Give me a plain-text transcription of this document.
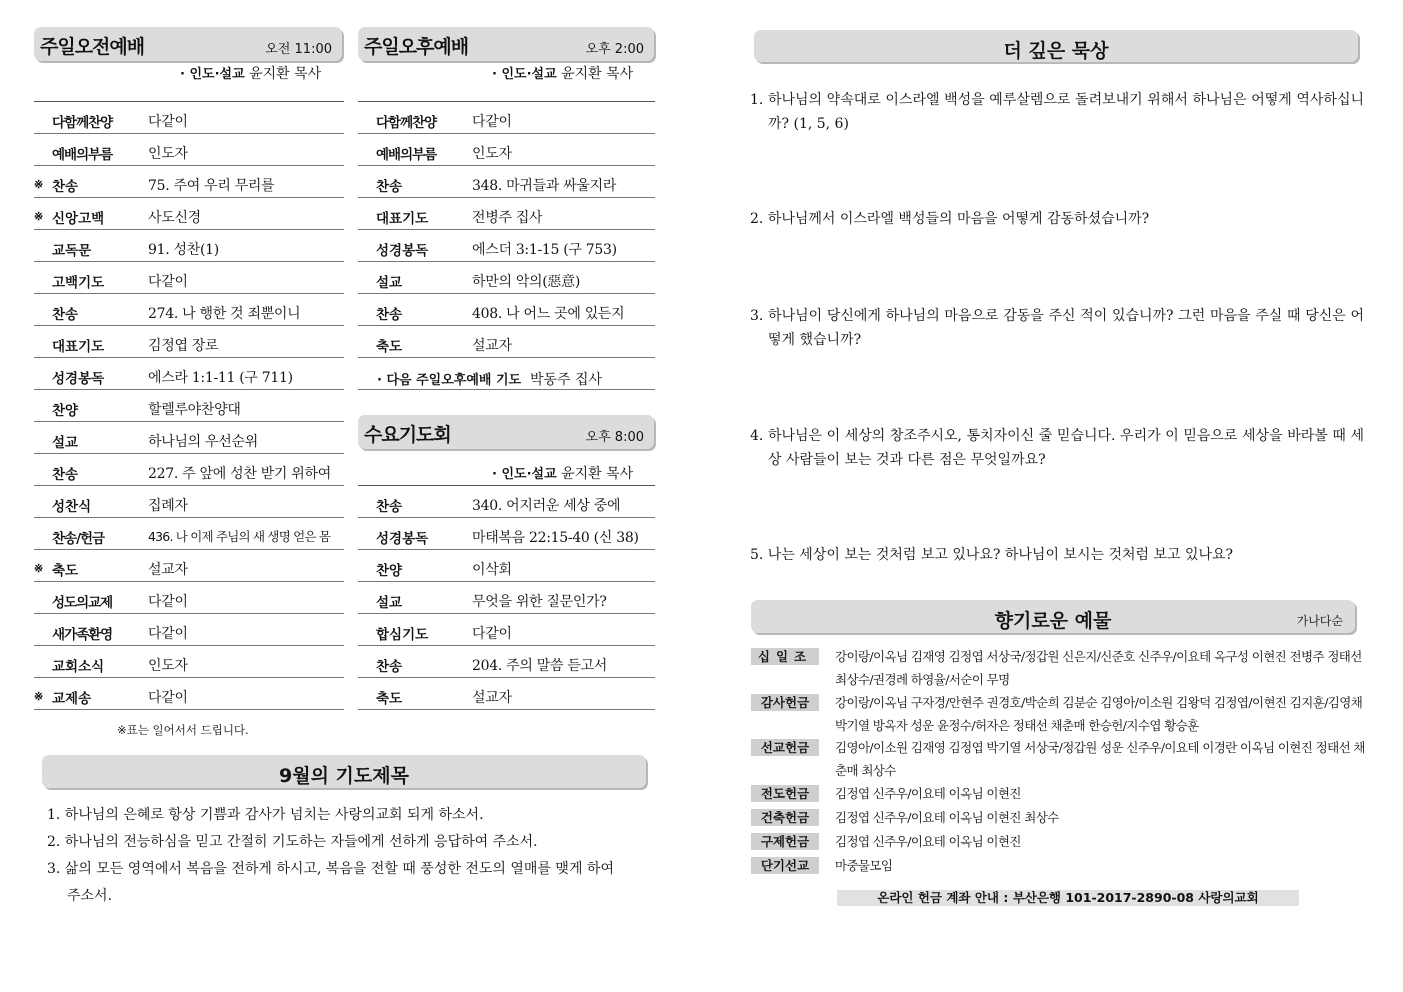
주일오전예배	오전 11:00
· 인도·설교 윤지환 목사
다함께찬양	다같이
예배의부름	인도자
※ 찬송	75. 주여 우리 무리를
※ 신앙고백	사도신경
교독문	91. 성찬(1)
고백기도	다같이
찬송	274. 나 행한 것 죄뿐이니
대표기도	김정엽 장로
성경봉독	에스라 1:1-11 (구 711)
찬양	할렐루야찬양대
설교	하나님의 우선순위
찬송	227. 주 앞에 성찬 받기 위하여
성찬식	집례자
찬송/헌금	436. 나 이제 주님의 새 생명 얻은 몸
※ 축도	설교자
성도의교제	다같이
새가족환영	다같이
교회소식	인도자
※ 교제송	다같이
※표는 일어서서 드립니다.
주일오후예배	오후 2:00
· 인도·설교 윤지환 목사
다함께찬양	다같이
예배의부름	인도자
찬송	348. 마귀들과 싸울지라
대표기도	전병주 집사
성경봉독	에스더 3:1-15 (구 753)
설교	하만의 악의(惡意)
찬송	408. 나 어느 곳에 있든지
축도	설교자
· 다음 주일오후예배 기도 박동주 집사
수요기도회	오후 8:00
· 인도·설교 윤지환 목사
찬송	340. 어지러운 세상 중에
성경봉독	마태복음 22:15-40 (신 38)
찬양	이삭회
설교	무엇을 위한 질문인가?
합심기도	다같이
찬송	204. 주의 말씀 듣고서
축도	설교자
9월의 기도제목
1. 하나님의 은혜로 항상 기쁨과 감사가 넘치는 사랑의교회 되게 하소서.
2. 하나님의 전능하심을 믿고 간절히 기도하는 자들에게 선하게 응답하여 주소서.
3. 삶의 모든 영역에서 복음을 전하게 하시고, 복음을 전할 때 풍성한 전도의 열매를 맺게 하여 주소서.
더 깊은 묵상
1. 하나님의 약속대로 이스라엘 백성을 예루살렘으로 돌려보내기 위해서 하나님은 어떻게 역사하십니까? (1, 5, 6)
2. 하나님께서 이스라엘 백성들의 마음을 어떻게 감동하셨습니까?
3. 하나님이 당신에게 하나님의 마음으로 감동을 주신 적이 있습니까? 그런 마음을 주실 때 당신은 어떻게 했습니까?
4. 하나님은 이 세상의 창조주시오, 통치자이신 줄 믿습니다. 우리가 이 믿음으로 세상을 바라볼 때 세상 사람들이 보는 것과 다른 점은 무엇일까요?
5. 나는 세상이 보는 것처럼 보고 있나요? 하나님이 보시는 것처럼 보고 있나요?
향기로운 예물	가나다순
십일조	강이랑/이옥님 김재영 김정엽 서상국/정갑원 신은지/신준호 신주우/이요테 옥구성 이현진 전병주 정태선 최상수/권경례 하영율/서순이 무명
감사헌금	강이랑/이옥님 구자경/안현주 권경호/박순희 김분순 김영아/이소원 김왕덕 김정엽/이현진 김지훈/김영채 박기열 방옥자 성운 윤정수/허자은 정태선 채춘매 한승헌/지수엽 황승훈
선교헌금	김영아/이소원 김재영 김정엽 박기열 서상국/정갑원 성운 신주우/이요테 이경란 이옥님 이현진 정태선 채춘매 최상수
전도헌금	김정엽 신주우/이요테 이옥님 이현진
건축헌금	김정엽 신주우/이요테 이옥님 이현진 최상수
구제헌금	김정엽 신주우/이요테 이옥님 이현진
단기선교	마중물모임
온라인 헌금 계좌 안내 : 부산은행 101-2017-2890-08 사랑의교회
